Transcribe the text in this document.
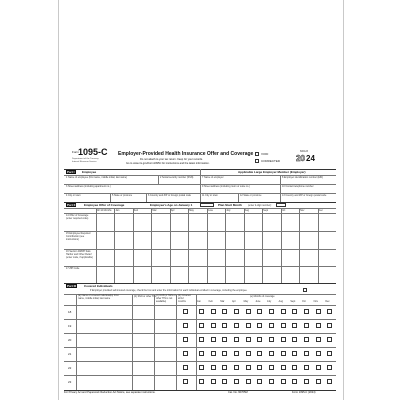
Form 1095-C
Department of the Treasury Internal Revenue Service
Employer-Provided Health Insurance Offer and Coverage
Do not attach to your tax return. Keep for your records.
Go to www.irs.gov/Form1095C for instructions and the latest information.
VOID
CORRECTED
600123
20 24
Part I	Employee	Applicable Large Employer Member (Employer)
1 Name of employee (first name, middle initial, last name)	2 Social security number (SSN)	7 Name of employer	8 Employer identification number (EIN)
3 Street address (including apartment no.)	9 Street address (including room or suite no.)	10 Contact telephone number
4 City or town	5 State or province	6 Country and ZIP or foreign postal code	11 City or town	12 State or province	13 Country and ZIP or foreign postal code
Part II	Employee Offer of Coverage	Employee's Age on January 1	Plan Start Month	(enter 2-digit number):
All 12 Months Jan	Feb	Mar	Apr	May	June	July	Aug	Sept	Oct	Nov	Dec
14 Offer of Coverage (enter required code)
15 Employee Required Contribution (see instructions)
16 Section 4980H Safe Harbor and Other Relief (enter code, if applicable)
17 ZIP Code
Part III	Covered Individuals
If Employer provided self-insured coverage, check the box and enter the information for each individual enrolled in coverage, including the employee.
(a) Name of covered individual(s) First name, middle initial, last name
(b) SSN or other TIN (c) DOB (if SSN or other TIN is not available)
(d) Covered all 12 months
(e) Months of coverage
Jan	Feb	Mar	Apr	May	June	July	Aug	Sept	Oct	Nov	Dec
18
19
20
21
22
23
For Privacy Act and Paperwork Reduction Act Notice, see separate instructions.	Cat. No. 60705M	Form 1095-C (2024)
